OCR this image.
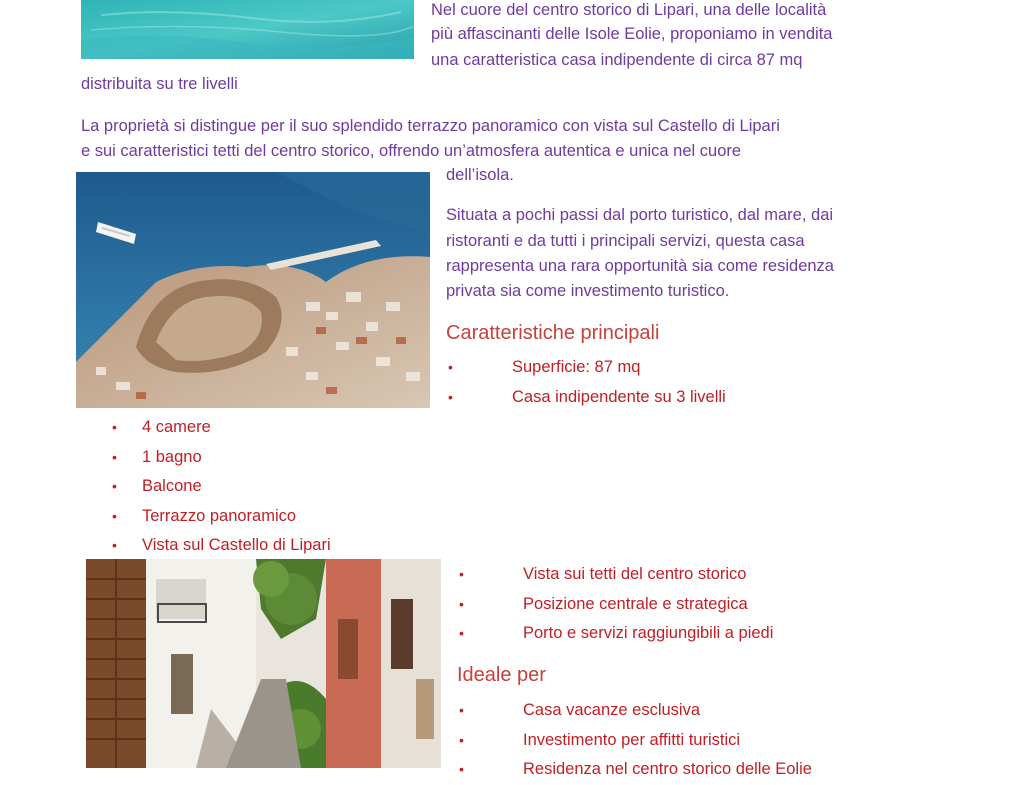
Nel cuore del centro storico di Lipari, una delle località

più affascinanti delle Isole Eolie, proponiamo in vendita

una caratteristica casa indipendente di circa 87 mq

distribuita su tre livelli

La proprietà si distingue per il suo splendido terrazzo panoramico con vista sul Castello di Lipari

e sui caratteristici tetti del centro storico, offrendo un’atmosfera autentica e unica nel cuore

dell’isola.

Situata a pochi passi dal porto turistico, dal mare, dai

ristoranti e da tutti i principali servizi, questa casa

rappresenta una rara opportunità sia come residenza

privata sia come investimento turistico.

Caratteristiche principali
•	Superficie: 87 mq
•	Casa indipendente su 3 livelli
• 4 camere
• 1 bagno
• Balcone
• Terrazzo panoramico
• Vista sul Castello di Lipari
•	Vista sui tetti del centro storico
•	Posizione centrale e strategica
•	Porto e servizi raggiungibili a piedi
Ideale per
•	Casa vacanze esclusiva
•	Investimento per affitti turistici
•	Residenza nel centro storico delle Eolie
